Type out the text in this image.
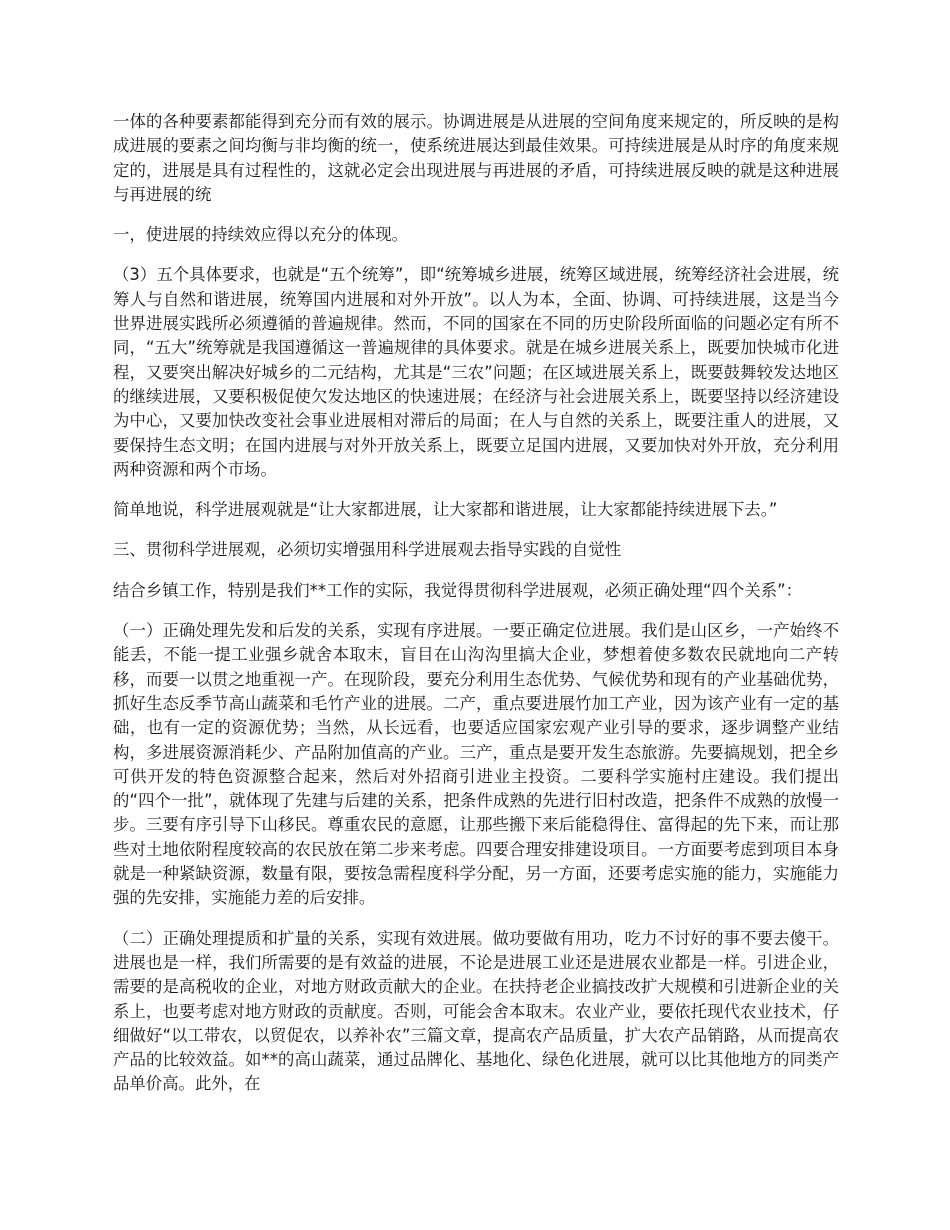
一体的各种要素都能得到充分而有效的展示。协调进展是从进展的空间角度来规定的，所反映的是构成进展的要素之间均衡与非均衡的统一，使系统进展达到最佳效果。可持续进展是从时序的角度来规定的，进展是具有过程性的，这就必定会出现进展与再进展的矛盾，可持续进展反映的就是这种进展与再进展的统

一，使进展的持续效应得以充分的体现。

（3）五个具体要求，也就是“五个统筹”，即“统筹城乡进展，统筹区域进展，统筹经济社会进展，统筹人与自然和谐进展，统筹国内进展和对外开放”。以人为本，全面、协调、可持续进展，这是当今世界进展实践所必须遵循的普遍规律。然而，不同的国家在不同的历史阶段所面临的问题必定有所不同，“五大”统筹就是我国遵循这一普遍规律的具体要求。就是在城乡进展关系上，既要加快城市化进程，又要突出解决好城乡的二元结构，尤其是“三农”问题；在区域进展关系上，既要鼓舞较发达地区的继续进展，又要积极促使欠发达地区的快速进展；在经济与社会进展关系上，既要坚持以经济建设为中心，又要加快改变社会事业进展相对滞后的局面；在人与自然的关系上，既要注重人的进展，又要保持生态文明；在国内进展与对外开放关系上，既要立足国内进展，又要加快对外开放，充分利用两种资源和两个市场。

简单地说，科学进展观就是“让大家都进展，让大家都和谐进展，让大家都能持续进展下去。”

三、贯彻科学进展观，必须切实增强用科学进展观去指导实践的自觉性

结合乡镇工作，特别是我们**工作的实际，我觉得贯彻科学进展观，必须正确处理“四个关系”：

（一）正确处理先发和后发的关系，实现有序进展。一要正确定位进展。我们是山区乡，一产始终不能丢，不能一提工业强乡就舍本取末，盲目在山沟沟里搞大企业，梦想着使多数农民就地向二产转移，而要一以贯之地重视一产。在现阶段，要充分利用生态优势、气候优势和现有的产业基础优势，抓好生态反季节高山蔬菜和毛竹产业的进展。二产，重点要进展竹加工产业，因为该产业有一定的基础，也有一定的资源优势；当然，从长远看，也要适应国家宏观产业引导的要求，逐步调整产业结构，多进展资源消耗少、产品附加值高的产业。三产，重点是要开发生态旅游。先要搞规划，把全乡可供开发的特色资源整合起来，然后对外招商引进业主投资。二要科学实施村庄建设。我们提出的“四个一批”，就体现了先建与后建的关系，把条件成熟的先进行旧村改造，把条件不成熟的放慢一步。三要有序引导下山移民。尊重农民的意愿，让那些搬下来后能稳得住、富得起的先下来，而让那些对土地依附程度较高的农民放在第二步来考虑。四要合理安排建设项目。一方面要考虑到项目本身就是一种紧缺资源，数量有限，要按急需程度科学分配，另一方面，还要考虑实施的能力，实施能力强的先安排，实施能力差的后安排。

（二）正确处理提质和扩量的关系，实现有效进展。做功要做有用功，吃力不讨好的事不要去傻干。进展也是一样，我们所需要的是有效益的进展，不论是进展工业还是进展农业都是一样。引进企业，需要的是高税收的企业，对地方财政贡献大的企业。在扶持老企业搞技改扩大规模和引进新企业的关系上，也要考虑对地方财政的贡献度。否则，可能会舍本取末。农业产业，要依托现代农业技术，仔细做好“以工带农，以贸促农，以养补农”三篇文章，提高农产品质量，扩大农产品销路，从而提高农产品的比较效益。如**的高山蔬菜，通过品牌化、基地化、绿色化进展，就可以比其他地方的同类产品单价高。此外，在
